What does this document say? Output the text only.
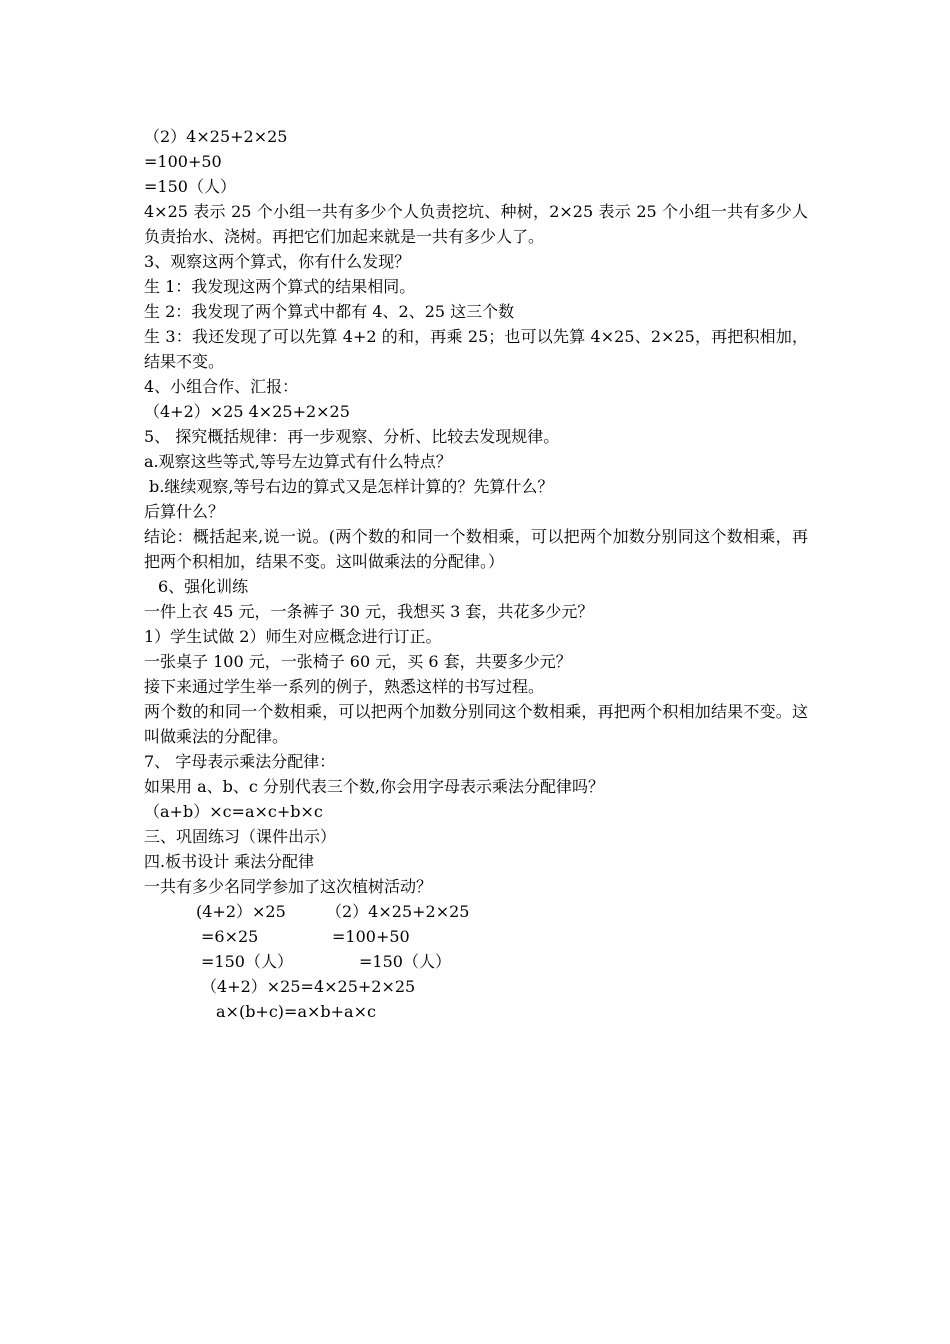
（2）4×25+2×25
=100+50
=150（人）
4×25 表示 25 个小组一共有多少个人负责挖坑、种树，2×25 表示 25 个小组一共有多少人负责抬水、浇树。再把它们加起来就是一共有多少人了。
3、观察这两个算式，你有什么发现？
生 1：我发现这两个算式的结果相同。
生 2：我发现了两个算式中都有 4、2、25 这三个数
生 3：我还发现了可以先算 4+2 的和，再乘 25；也可以先算 4×25、2×25，再把积相加，结果不变。
4、小组合作、汇报：
（4+2）×25 4×25+2×25
5、 探究概括规律：再一步观察、分析、比较去发现规律。
a.观察这些等式,等号左边算式有什么特点？
b.继续观察,等号右边的算式又是怎样计算的？先算什么？
后算什么？
结论：概括起来,说一说。(两个数的和同一个数相乘，可以把两个加数分别同这个数相乘，再把两个积相加，结果不变。这叫做乘法的分配律。）
6、强化训练
一件上衣 45 元，一条裤子 30 元，我想买 3 套，共花多少元？
1）学生试做 2）师生对应概念进行订正。
一张桌子 100 元，一张椅子 60 元，买 6 套，共要多少元？
接下来通过学生举一系列的例子，熟悉这样的书写过程。
两个数的和同一个数相乘，可以把两个加数分别同这个数相乘，再把两个积相加结果不变。这叫做乘法的分配律。
7、 字母表示乘法分配律：
如果用 a、b、c 分别代表三个数,你会用字母表示乘法分配律吗？
（a+b）×c=a×c+b×c
三、巩固练习（课件出示）
四.板书设计 乘法分配律
一共有多少名同学参加了这次植树活动？
(4+2）×25	（2）4×25+2×25
=6×25	=100+50
=150（人）	=150（人）
（4+2）×25=4×25+2×25
a×(b+c)=a×b+a×c
